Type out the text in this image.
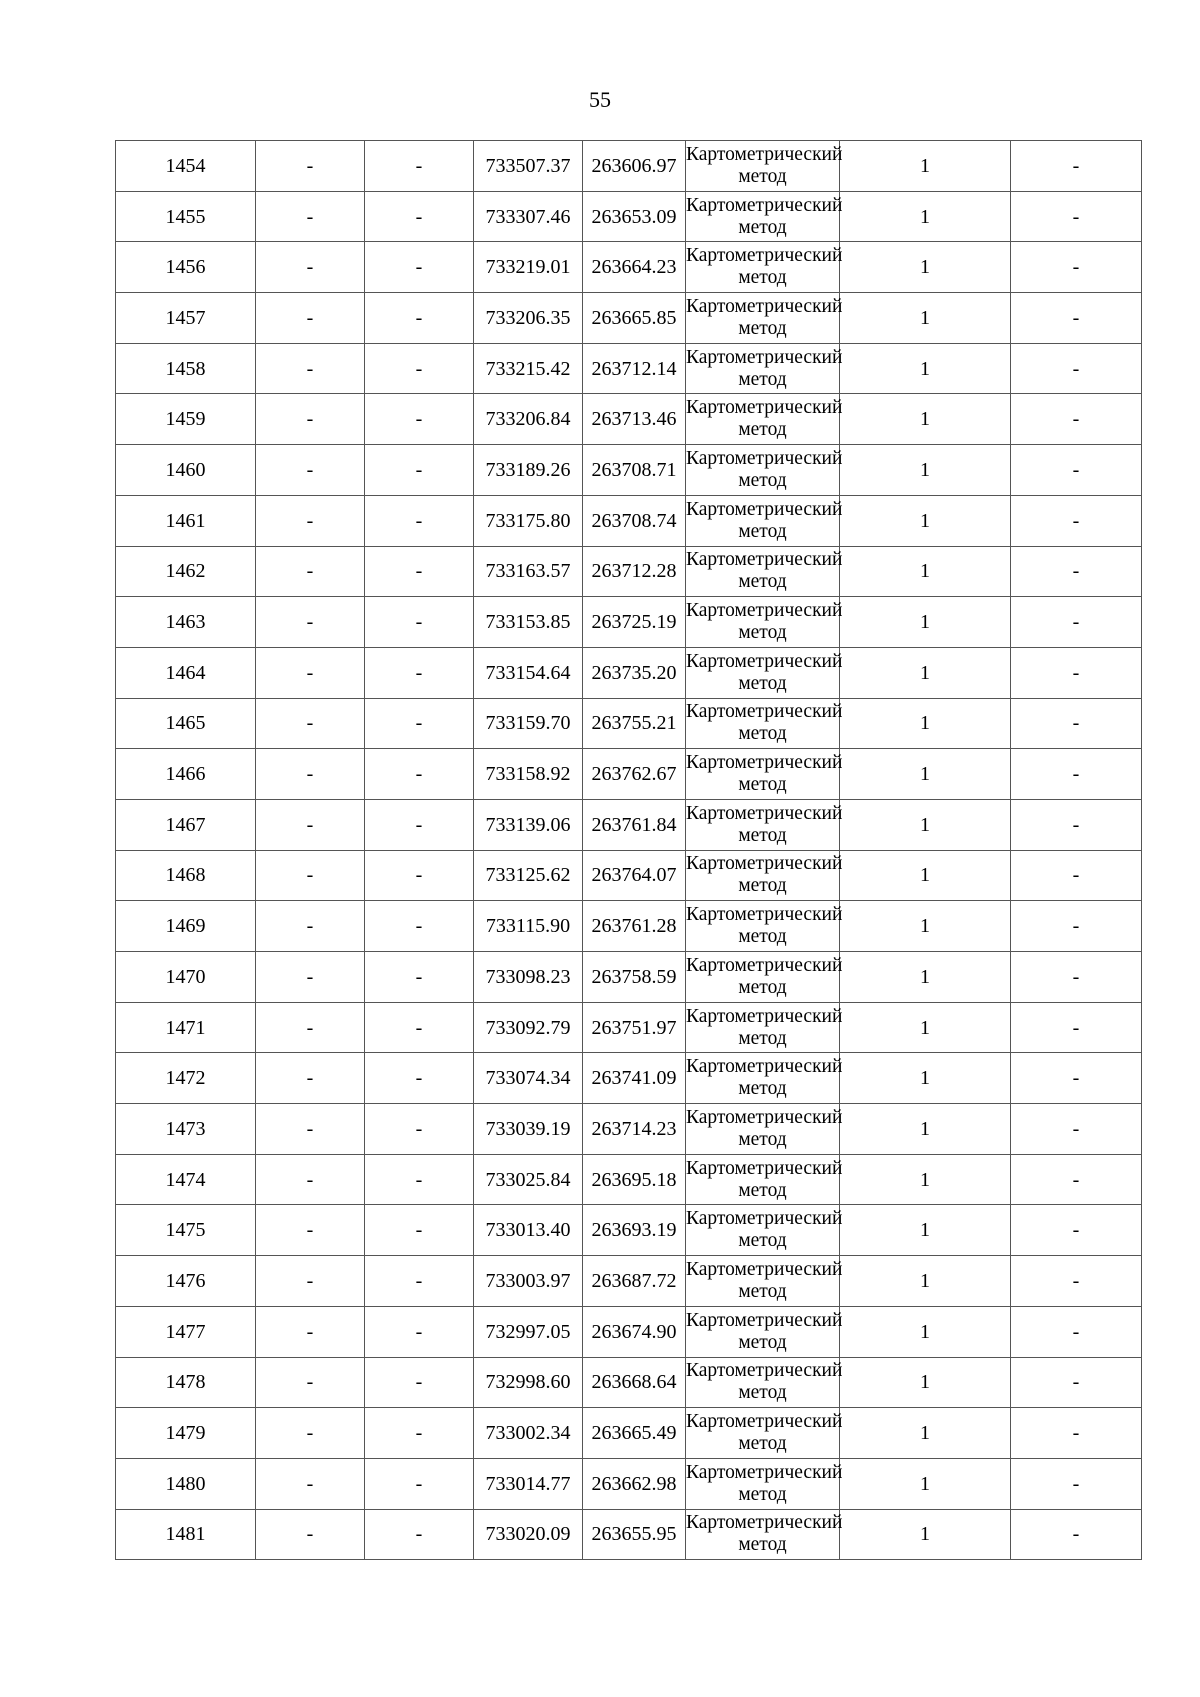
55
1454	-	-	733507.37	263606.97	Картометрический метод	1	-
1455	-	-	733307.46	263653.09	Картометрический метод	1	-
1456	-	-	733219.01	263664.23	Картометрический метод	1	-
1457	-	-	733206.35	263665.85	Картометрический метод	1	-
1458	-	-	733215.42	263712.14	Картометрический метод	1	-
1459	-	-	733206.84	263713.46	Картометрический метод	1	-
1460	-	-	733189.26	263708.71	Картометрический метод	1	-
1461	-	-	733175.80	263708.74	Картометрический метод	1	-
1462	-	-	733163.57	263712.28	Картометрический метод	1	-
1463	-	-	733153.85	263725.19	Картометрический метод	1	-
1464	-	-	733154.64	263735.20	Картометрический метод	1	-
1465	-	-	733159.70	263755.21	Картометрический метод	1	-
1466	-	-	733158.92	263762.67	Картометрический метод	1	-
1467	-	-	733139.06	263761.84	Картометрический метод	1	-
1468	-	-	733125.62	263764.07	Картометрический метод	1	-
1469	-	-	733115.90	263761.28	Картометрический метод	1	-
1470	-	-	733098.23	263758.59	Картометрический метод	1	-
1471	-	-	733092.79	263751.97	Картометрический метод	1	-
1472	-	-	733074.34	263741.09	Картометрический метод	1	-
1473	-	-	733039.19	263714.23	Картометрический метод	1	-
1474	-	-	733025.84	263695.18	Картометрический метод	1	-
1475	-	-	733013.40	263693.19	Картометрический метод	1	-
1476	-	-	733003.97	263687.72	Картометрический метод	1	-
1477	-	-	732997.05	263674.90	Картометрический метод	1	-
1478	-	-	732998.60	263668.64	Картометрический метод	1	-
1479	-	-	733002.34	263665.49	Картометрический метод	1	-
1480	-	-	733014.77	263662.98	Картометрический метод	1	-
1481	-	-	733020.09	263655.95	Картометрический метод	1	-
